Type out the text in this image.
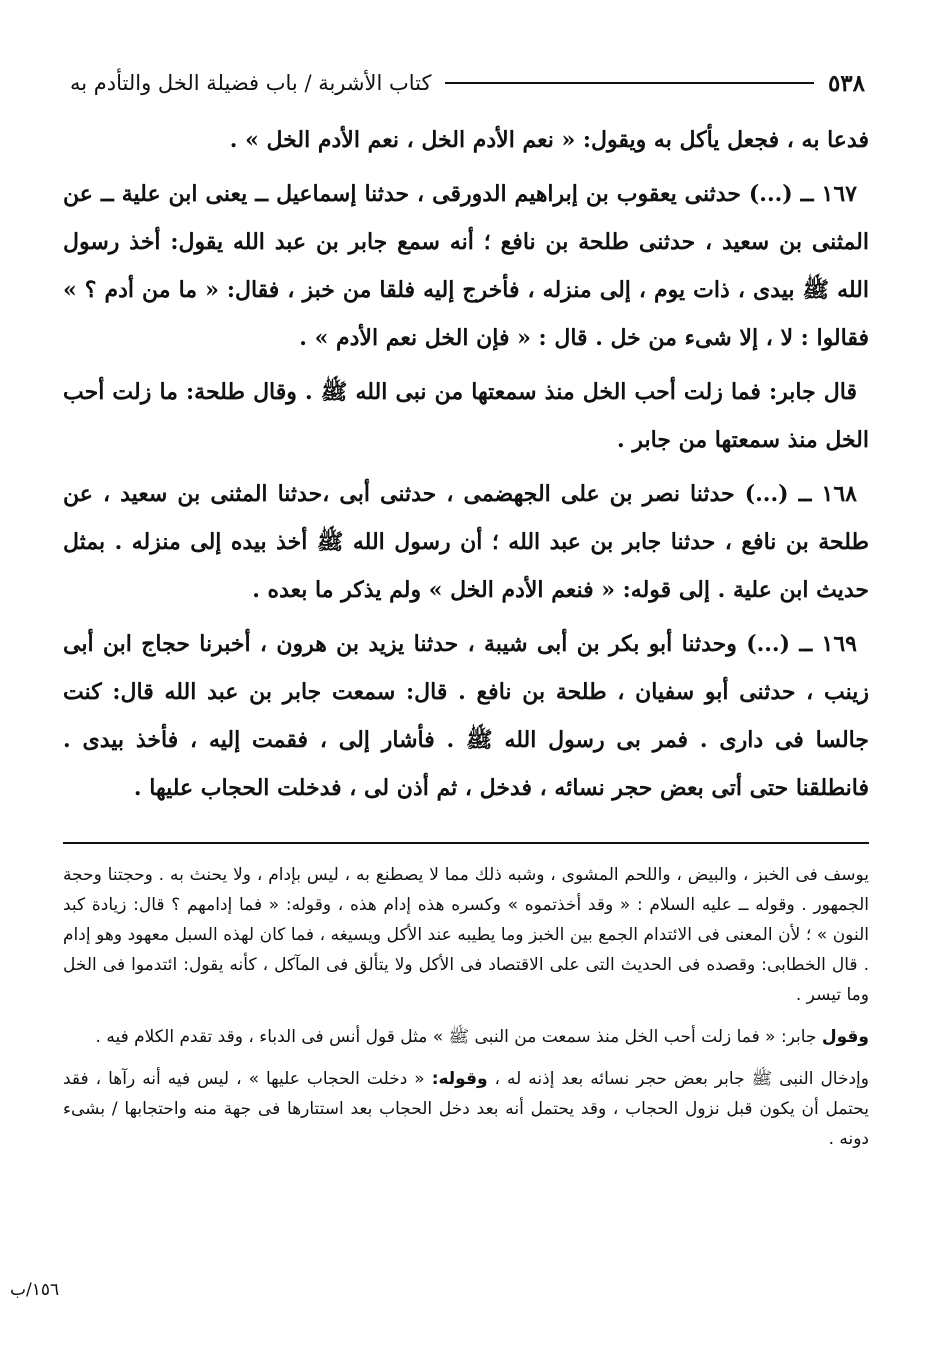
٥٣٨
كتاب الأشربة / باب فضيلة الخل والتأدم به

فدعا به ، فجعل يأكل به ويقول: « نعم الأدم الخل ، نعم الأدم الخل » .

١٦٧ ــ (...) حدثنى يعقوب بن إبراهيم الدورقى ، حدثنا إسماعيل ــ يعنى ابن علية ــ عن المثنى بن سعيد ، حدثنى طلحة بن نافع ؛ أنه سمع جابر بن عبد الله يقول: أخذ رسول الله ﷺ بيدى ، ذات يوم ، إلى منزله ، فأخرج إليه فلقا من خبز ، فقال: « ما من أدم ؟ » فقالوا : لا ، إلا شىء من خل . قال : « فإن الخل نعم الأدم » .

قال جابر: فما زلت أحب الخل منذ سمعتها من نبى الله ﷺ . وقال طلحة: ما زلت أحب الخل منذ سمعتها من جابر .

١٦٨ ــ (...) حدثنا نصر بن على الجهضمى ، حدثنى أبى ،حدثنا المثنى بن سعيد ، عن طلحة بن نافع ، حدثنا جابر بن عبد الله ؛ أن رسول الله ﷺ أخذ بيده إلى منزله . بمثل حديث ابن علية . إلى قوله: « فنعم الأدم الخل » ولم يذكر ما بعده .

١٦٩ ــ (...) وحدثنا أبو بكر بن أبى شيبة ، حدثنا يزيد بن هرون ، أخبرنا حجاج ابن أبى زينب ، حدثنى أبو سفيان ، طلحة بن نافع . قال: سمعت جابر بن عبد الله قال: كنت جالسا فى دارى . فمر بى رسول الله ﷺ . فأشار إلى ، فقمت إليه ، فأخذ بيدى . فانطلقنا حتى أتى بعض حجر نسائه ، فدخل ، ثم أذن لى ، فدخلت الحجاب عليها .

يوسف فى الخبز ، والبيض ، واللحم المشوى ، وشبه ذلك مما لا يصطنع به ، ليس بإدام ، ولا يحنث به . وحجتنا وحجة الجمهور . وقوله ــ عليه السلام : « وقد أخذتموه » وكسره هذه إدام هذه ، وقوله: « فما إدامهم ؟ قال: زيادة كبد النون » ؛ لأن المعنى فى الائتدام الجمع بين الخبز وما يطيبه عند الأكل ويسيغه ، فما كان لهذه السبل معهود وهو إدام . قال الخطابى: وقصده فى الحديث التى على الاقتصاد فى الأكل ولا يتألق فى المآكل ، كأنه يقول: ائتدموا فى الخل وما تيسر .

وقول جابر: « فما زلت أحب الخل منذ سمعت من النبى ﷺ » مثل قول أنس فى الدباء ، وقد تقدم الكلام فيه .

وإدخال النبى ﷺ جابر بعض حجر نسائه بعد إذنه له ، وقوله: « دخلت الحجاب عليها » ، ليس فيه أنه رآها ، فقد يحتمل أن يكون قبل نزول الحجاب ، وقد يحتمل أنه بعد دخل الحجاب بعد استتارها فى جهة منه واحتجابها / بشىء دونه .

١٥٦/ب
